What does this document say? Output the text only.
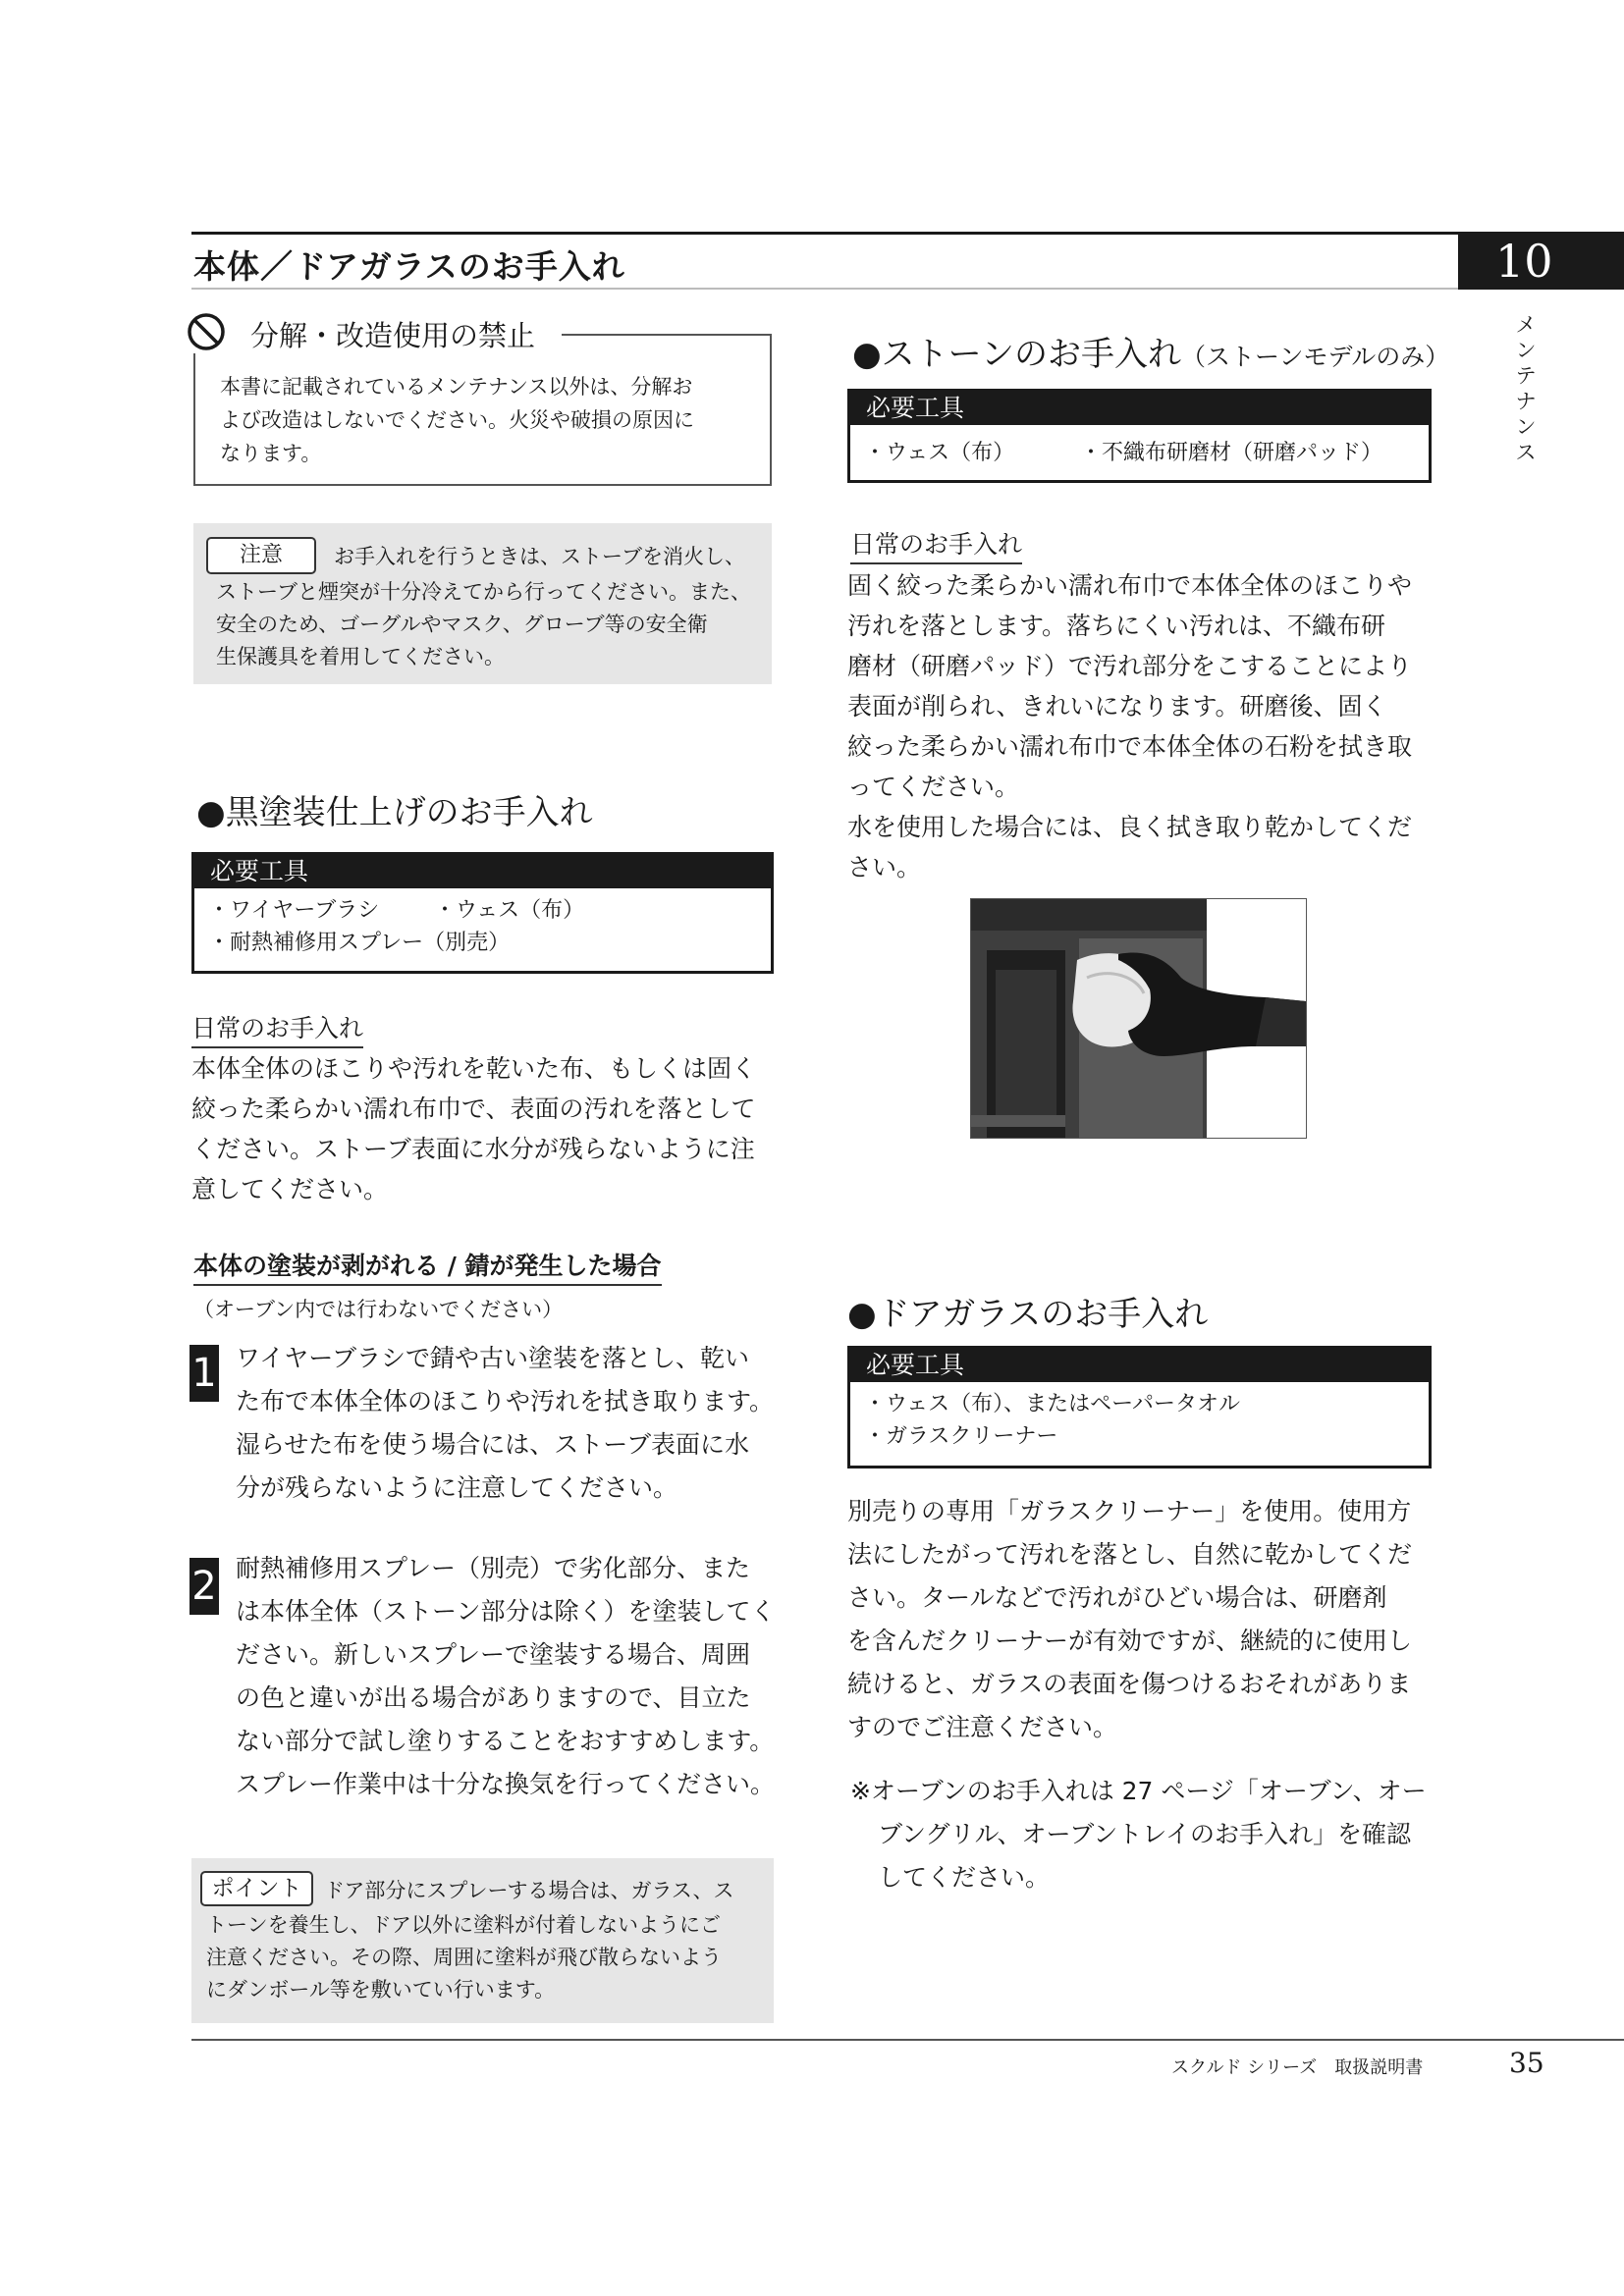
本体／ドアガラスのお手入れ	10
メ
ン
テ
ナ
ン
ス
分解・改造使用の禁止
本書に記載されているメンテナンス以外は、分解お
よび改造はしないでください。火災や破損の原因に
なります。
注意	お手入れを行うときは、ストーブを消火し、
ストーブと煙突が十分冷えてから行ってください。また、
安全のため、ゴーグルやマスク、グローブ等の安全衛
生保護具を着用してください。
●黒塗装仕上げのお手入れ
必要工具
・ワイヤーブラシ	・ウェス（布）
・耐熱補修用スプレー（別売）
日常のお手入れ
本体全体のほこりや汚れを乾いた布、もしくは固く
絞った柔らかい濡れ布巾で、表面の汚れを落として
ください。ストーブ表面に水分が残らないように注
意してください。
本体の塗装が剥がれる / 錆が発生した場合
（オーブン内では行わないでください）
1 ワイヤーブラシで錆や古い塗装を落とし、乾い
た布で本体全体のほこりや汚れを拭き取ります。
湿らせた布を使う場合には、ストーブ表面に水
分が残らないように注意してください。
2 耐熱補修用スプレー（別売）で劣化部分、また
は本体全体（ストーン部分は除く）を塗装してく
ださい。新しいスプレーで塗装する場合、周囲
の色と違いが出る場合がありますので、目立た
ない部分で試し塗りすることをおすすめします。
スプレー作業中は十分な換気を行ってください。
ポイント	ドア部分にスプレーする場合は、ガラス、ス
トーンを養生し、ドア以外に塗料が付着しないようにご
注意ください。その際、周囲に塗料が飛び散らないよう
にダンボール等を敷いてい行います。
●ストーンのお手入れ（ストーンモデルのみ）
必要工具
・ウェス（布）	・不織布研磨材（研磨パッド）
日常のお手入れ
固く絞った柔らかい濡れ布巾で本体全体のほこりや
汚れを落とします。落ちにくい汚れは、不織布研
磨材（研磨パッド）で汚れ部分をこすることにより
表面が削られ、きれいになります。研磨後、固く
絞った柔らかい濡れ布巾で本体全体の石粉を拭き取
ってください。
水を使用した場合には、良く拭き取り乾かしてくだ
さい。
●ドアガラスのお手入れ
必要工具
・ウェス（布）、またはペーパータオル
・ガラスクリーナー
別売りの専用「ガラスクリーナー」を使用。使用方
法にしたがって汚れを落とし、自然に乾かしてくだ
さい。タールなどで汚れがひどい場合は、研磨剤
を含んだクリーナーが有効ですが、継続的に使用し
続けると、ガラスの表面を傷つけるおそれがありま
すのでご注意ください。
※オーブンのお手入れは 27 ページ「オーブン、オー
ブングリル、オーブントレイのお手入れ」を確認
してください。
スクルド シリーズ　取扱説明書	35
